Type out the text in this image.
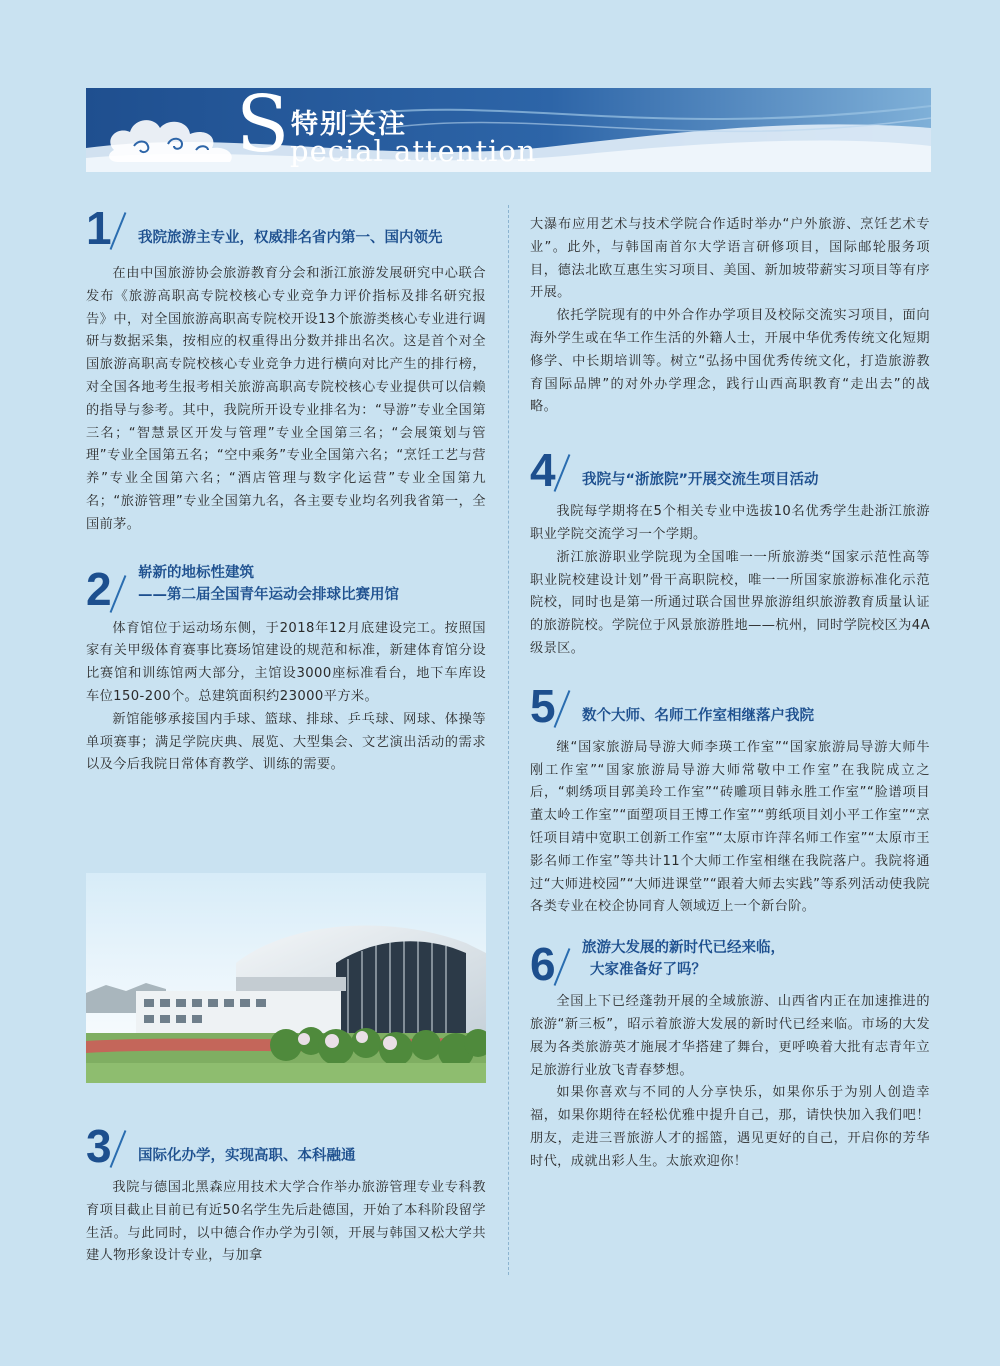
S 特别关注
pecial attention
1 我院旅游主专业，权威排名省内第一、国内领先

在由中国旅游协会旅游教育分会和浙江旅游发展研究中心联合发布《旅游高职高专院校核心专业竞争力评价指标及排名研究报告》中，对全国旅游高职高专院校开设13个旅游类核心专业进行调研与数据采集，按相应的权重得出分数并排出名次。这是首个对全国旅游高职高专院校核心专业竞争力进行横向对比产生的排行榜，对全国各地考生报考相关旅游高职高专院校核心专业提供可以信赖的指导与参考。其中，我院所开设专业排名为：“导游”专业全国第三名；“智慧景区开发与管理”专业全国第三名；“会展策划与管理”专业全国第五名；“空中乘务”专业全国第六名；“烹饪工艺与营养”专业全国第六名；“酒店管理与数字化运营”专业全国第九名；“旅游管理”专业全国第九名，各主要专业均名列我省第一，全国前茅。

2 崭新的地标性建筑
——第二届全国青年运动会排球比赛用馆

体育馆位于运动场东侧，于2018年12月底建设完工。按照国家有关甲级体育赛事比赛场馆建设的规范和标准，新建体育馆分设比赛馆和训练馆两大部分，主馆设3000座标准看台，地下车库设车位150-200个。总建筑面积约23000平方米。

新馆能够承接国内手球、篮球、排球、乒乓球、网球、体操等单项赛事；满足学院庆典、展览、大型集会、文艺演出活动的需求以及今后我院日常体育教学、训练的需要。

3 国际化办学，实现高职、本科融通

我院与德国北黑森应用技术大学合作举办旅游管理专业专科教育项目截止目前已有近50名学生先后赴德国，开始了本科阶段留学生活。与此同时，以中德合作办学为引领，开展与韩国又松大学共建人物形象设计专业，与加拿

大瀑布应用艺术与技术学院合作适时举办“户外旅游、烹饪艺术专业”。此外，与韩国南首尔大学语言研修项目，国际邮轮服务项目，德法北欧互惠生实习项目、美国、新加坡带薪实习项目等有序开展。

依托学院现有的中外合作办学项目及校际交流实习项目，面向海外学生或在华工作生活的外籍人士，开展中华优秀传统文化短期修学、中长期培训等。树立“弘扬中国优秀传统文化，打造旅游教育国际品牌”的对外办学理念，践行山西高职教育“走出去”的战略。

4 我院与“浙旅院”开展交流生项目活动

我院每学期将在5个相关专业中选拔10名优秀学生赴浙江旅游职业学院交流学习一个学期。

浙江旅游职业学院现为全国唯一一所旅游类“国家示范性高等职业院校建设计划”骨干高职院校，唯一一所国家旅游标准化示范院校，同时也是第一所通过联合国世界旅游组织旅游教育质量认证的旅游院校。学院位于风景旅游胜地——杭州，同时学院校区为4A级景区。

5 数个大师、名师工作室相继落户我院

继“国家旅游局导游大师李瑛工作室”“国家旅游局导游大师牛刚工作室”“国家旅游局导游大师常敬中工作室”在我院成立之后，“刺绣项目郭美玲工作室”“砖雕项目韩永胜工作室”“脸谱项目董太岭工作室”“面塑项目王博工作室”“剪纸项目刘小平工作室”“烹饪项目靖中宽职工创新工作室”“太原市许萍名师工作室”“太原市王影名师工作室”等共计11个大师工作室相继在我院落户。我院将通过“大师进校园”“大师进课堂”“跟着大师去实践”等系列活动使我院各类专业在校企协同育人领域迈上一个新台阶。

6 旅游大发展的新时代已经来临，
大家准备好了吗？

全国上下已经蓬勃开展的全域旅游、山西省内正在加速推进的旅游“新三板”，昭示着旅游大发展的新时代已经来临。市场的大发展为各类旅游英才施展才华搭建了舞台，更呼唤着大批有志青年立足旅游行业放飞青春梦想。

如果你喜欢与不同的人分享快乐，如果你乐于为别人创造幸福，如果你期待在轻松优雅中提升自己，那，请快快加入我们吧！朋友，走进三晋旅游人才的摇篮，遇见更好的自己，开启你的芳华时代，成就出彩人生。太旅欢迎你！
